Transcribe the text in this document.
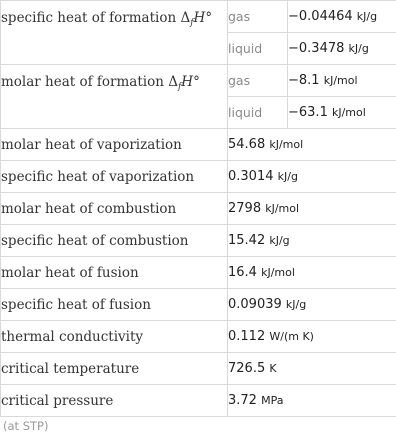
specific heat of formation $\Delta_fH^\circ$	gas	−0.04464 kJ/g
	liquid	−0.3478 kJ/g
molar heat of formation $\Delta_fH^\circ$	gas	−8.1 kJ/mol
	liquid	−63.1 kJ/mol
molar heat of vaporization	54.68 kJ/mol	
specific heat of vaporization	0.3014 kJ/g	
molar heat of combustion	2798 kJ/mol	
specific heat of combustion	15.42 kJ/g	
molar heat of fusion	16.4 kJ/mol	
specific heat of fusion	0.09039 kJ/g	
thermal conductivity	0.112 W/(m K)	
critical temperature	726.5 K	
critical pressure	3.72 MPa	
(at STP)
